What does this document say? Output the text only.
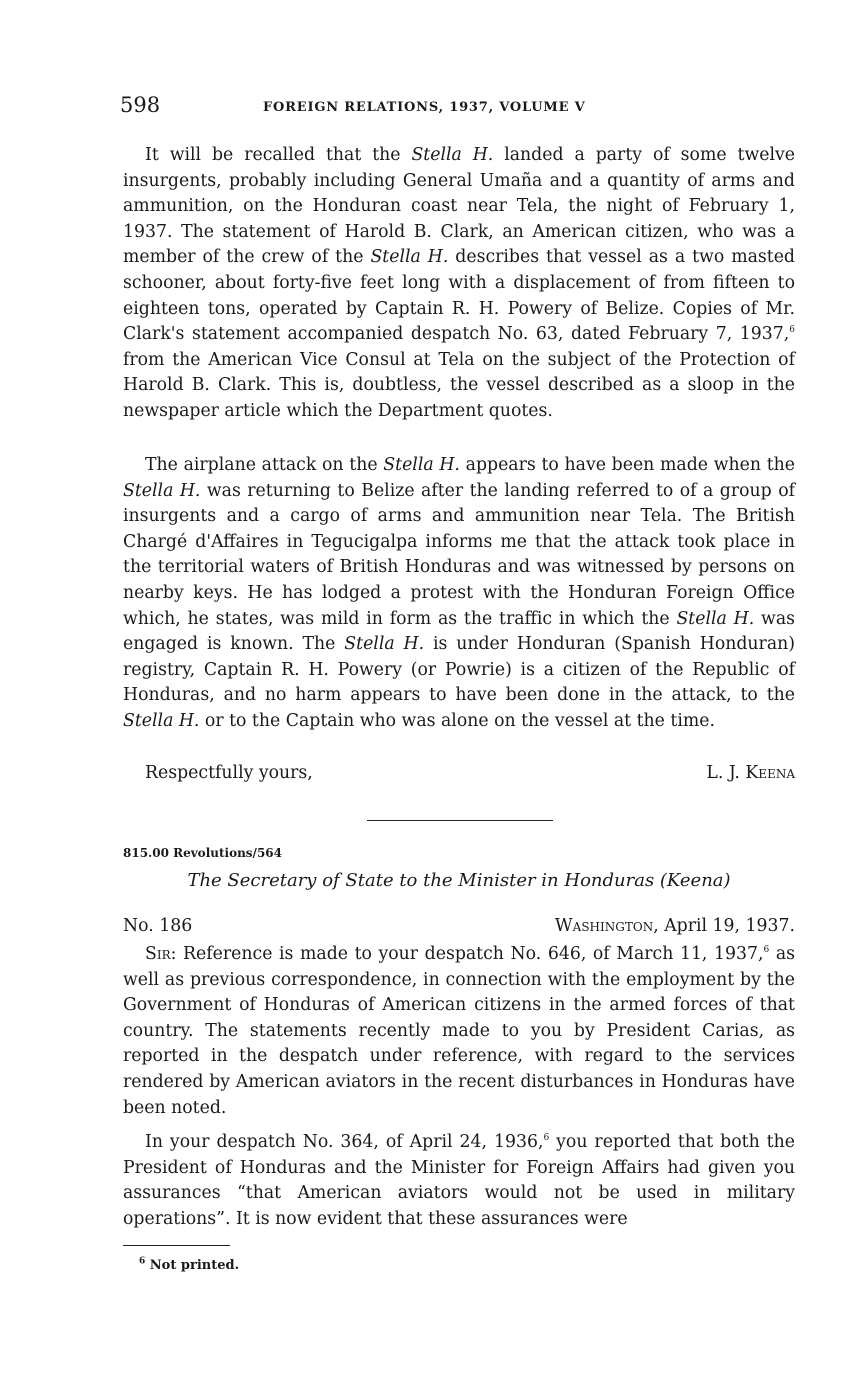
598	FOREIGN RELATIONS, 1937, VOLUME V

It will be recalled that the Stella H. landed a party of some twelve insurgents, probably including General Umaña and a quantity of arms and ammunition, on the Honduran coast near Tela, the night of February 1, 1937. The statement of Harold B. Clark, an American citizen, who was a member of the crew of the Stella H. describes that vessel as a two masted schooner, about forty-five feet long with a displacement of from fifteen to eighteen tons, operated by Captain R. H. Powery of Belize. Copies of Mr. Clark's statement accompanied despatch No. 63, dated February 7, 1937,$^6$ from the American Vice Consul at Tela on the subject of the Protection of Harold B. Clark. This is, doubtless, the vessel described as a sloop in the newspaper article which the Department quotes.

The airplane attack on the Stella H. appears to have been made when the Stella H. was returning to Belize after the landing referred to of a group of insurgents and a cargo of arms and ammunition near Tela. The British Chargé d'Affaires in Tegucigalpa informs me that the attack took place in the territorial waters of British Honduras and was witnessed by persons on nearby keys. He has lodged a protest with the Honduran Foreign Office which, he states, was mild in form as the traffic in which the Stella H. was engaged is known. The Stella H. is under Honduran (Spanish Honduran) registry, Captain R. H. Powery (or Powrie) is a citizen of the Republic of Honduras, and no harm appears to have been done in the attack, to the Stella H. or to the Captain who was alone on the vessel at the time.

Respectfully yours,	L. J. Keena
815.00 Revolutions/564
The Secretary of State to the Minister in Honduras (Keena)
No. 186	Washington, April 19, 1937.

Sir: Reference is made to your despatch No. 646, of March 11, 1937,$^6$ as well as previous correspondence, in connection with the employment by the Government of Honduras of American citizens in the armed forces of that country. The statements recently made to you by President Carias, as reported in the despatch under reference, with regard to the services rendered by American aviators in the recent disturbances in Honduras have been noted.

In your despatch No. 364, of April 24, 1936,$^6$ you reported that both the President of Honduras and the Minister for Foreign Affairs had given you assurances “that American aviators would not be used in military operations”. It is now evident that these assurances were

$^6$ Not printed.
